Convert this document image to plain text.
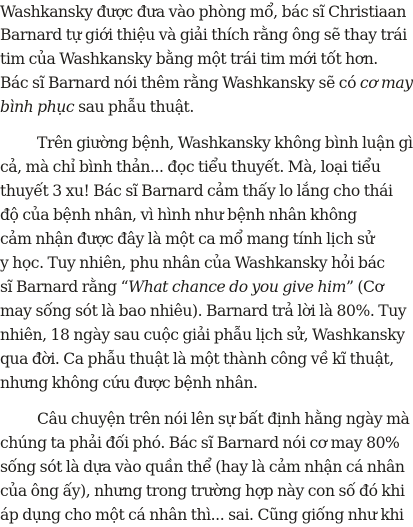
Washkansky được đưa vào phòng mổ, bác sĩ Christiaan
Barnard tự giới thiệu và giải thích rằng ông sẽ thay trái
tim của Washkansky bằng một trái tim mới tốt hơn.
Bác sĩ Barnard nói thêm rằng Washkansky sẽ có cơ may
bình phục sau phẫu thuật.
Trên giường bệnh, Washkansky không bình luận gì
cả, mà chỉ bình thản... đọc tiểu thuyết. Mà, loại tiểu
thuyết 3 xu! Bác sĩ Barnard cảm thấy lo lắng cho thái
độ của bệnh nhân, vì hình như bệnh nhân không
cảm nhận được đây là một ca mổ mang tính lịch sử
y học. Tuy nhiên, phu nhân của Washkansky hỏi bác
sĩ Barnard rằng “What chance do you give him” (Cơ
may sống sót là bao nhiêu). Barnard trả lời là 80%. Tuy
nhiên, 18 ngày sau cuộc giải phẫu lịch sử, Washkansky
qua đời. Ca phẫu thuật là một thành công về kĩ thuật,
nhưng không cứu được bệnh nhân.
Câu chuyện trên nói lên sự bất định hằng ngày mà
chúng ta phải đối phó. Bác sĩ Barnard nói cơ may 80%
sống sót là dựa vào quần thể (hay là cảm nhận cá nhân
của ông ấy), nhưng trong trường hợp này con số đó khi
áp dụng cho một cá nhân thì... sai. Cũng giống như khi
